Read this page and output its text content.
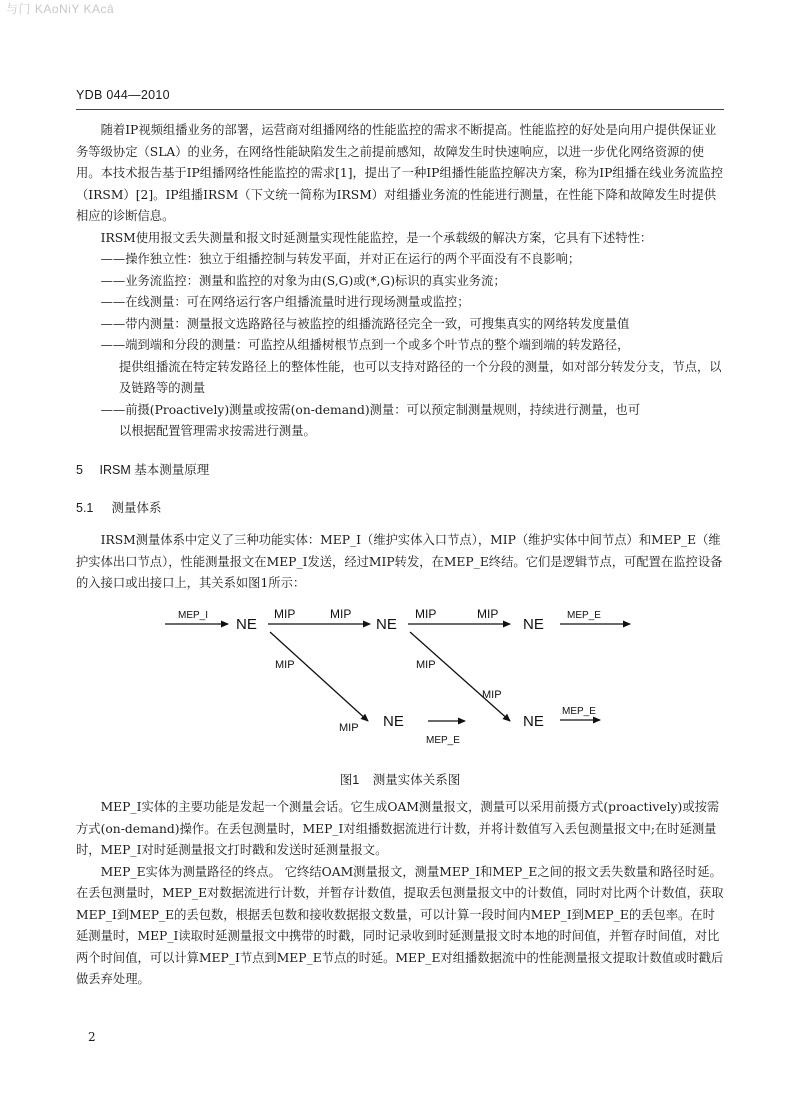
与门 KAoNiY KAcā
YDB 044—2010

随着IP视频组播业务的部署，运营商对组播网络的性能监控的需求不断提高。性能监控的好处是向用户提供保证业务等级协定（SLA）的业务，在网络性能缺陷发生之前提前感知，故障发生时快速响应，以进一步优化网络资源的使用。本技术报告基于IP组播网络性能监控的需求[1]，提出了一种IP组播性能监控解决方案，称为IP组播在线业务流监控（IRSM）[2]。IP组播IRSM（下文统一简称为IRSM）对组播业务流的性能进行测量，在性能下降和故障发生时提供相应的诊断信息。

IRSM使用报文丢失测量和报文时延测量实现性能监控，是一个承载级的解决方案，它具有下述特性：

——操作独立性：独立于组播控制与转发平面，并对正在运行的两个平面没有不良影响；

——业务流监控：测量和监控的对象为由(S,G)或(*,G)标识的真实业务流；

——在线测量：可在网络运行客户组播流量时进行现场测量或监控；

——带内测量：测量报文选路路径与被监控的组播流路径完全一致，可搜集真实的网络转发度量值

——端到端和分段的测量：可监控从组播树根节点到一个或多个叶节点的整个端到端的转发路径，

提供组播流在特定转发路径上的整体性能，也可以支持对路径的一个分段的测量，如对部分转发分支，节点，以及链路等的测量

——前摄(Proactively)测量或按需(on-demand)测量：可以预定制测量规则，持续进行测量，也可

以根据配置管理需求按需进行测量。

5 IRSM 基本测量原理
5.1 测量体系

IRSM测量体系中定义了三种功能实体：MEP_I（维护实体入口节点），MIP（维护实体中间节点）和MEP_E（维护实体出口节点），性能测量报文在MEP_I发送，经过MIP转发，在MEP_E终结。它们是逻辑节点，可配置在监控设备的入接口或出接口上，其关系如图1所示：

MEP_I
NE
MIP	MIP
NE
MIP	MIP
NE
MEP_E
MIP
MIP NE
MEP_E
MIP
MIP
NE
MEP_E
图1 测量实体关系图

MEP_I实体的主要功能是发起一个测量会话。它生成OAM测量报文，测量可以采用前摄方式(proactively)或按需方式(on-demand)操作。在丢包测量时，MEP_I对组播数据流进行计数，并将计数值写入丢包测量报文中;在时延测量时，MEP_I对时延测量报文打时戳和发送时延测量报文。

MEP_E实体为测量路径的终点。 它终结OAM测量报文，测量MEP_I和MEP_E之间的报文丢失数量和路径时延。在丢包测量时，MEP_E对数据流进行计数，并暂存计数值，提取丢包测量报文中的计数值，同时对比两个计数值，获取MEP_I到MEP_E的丢包数，根据丢包数和接收数据报文数量，可以计算一段时间内MEP_I到MEP_E的丢包率。在时延测量时，MEP_I读取时延测量报文中携带的时戳，同时记录收到时延测量报文时本地的时间值，并暂存时间值，对比两个时间值，可以计算MEP_I节点到MEP_E节点的时延。MEP_E对组播数据流中的性能测量报文提取计数值或时戳后做丢弃处理。

2
